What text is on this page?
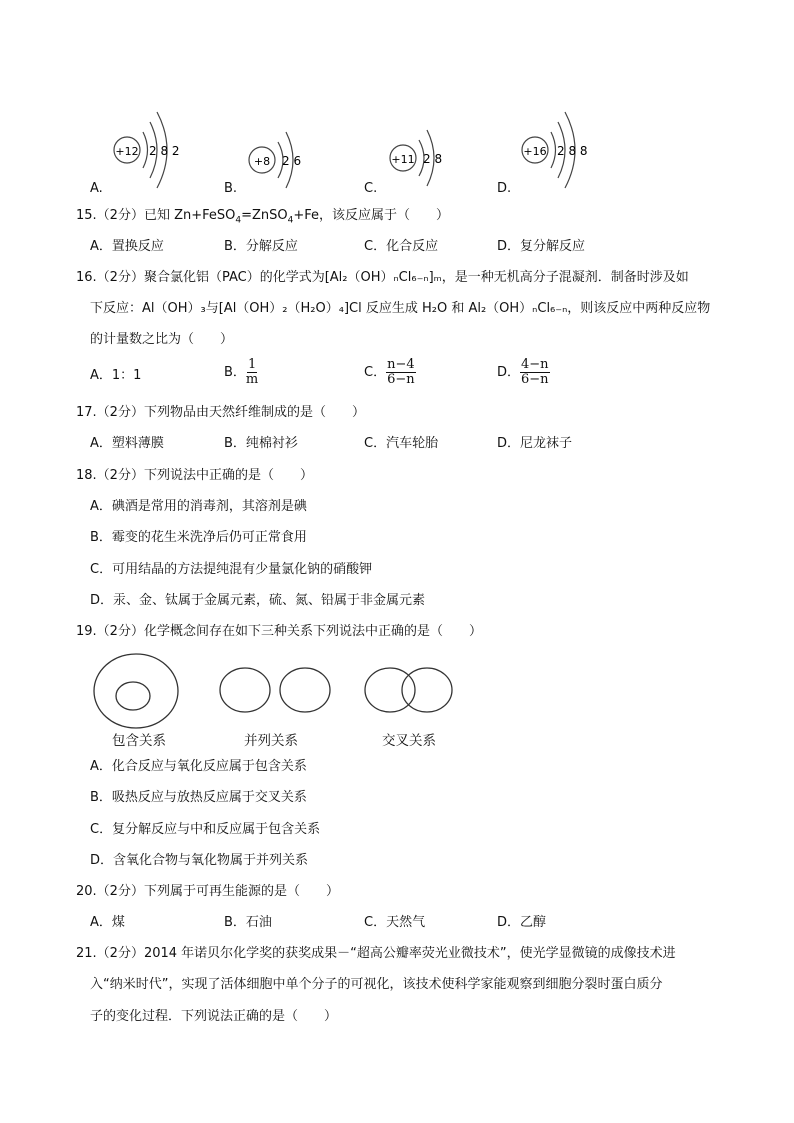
+12 2 8 2
+8 2 6	+11 2 8
+16 2 8 8
A.	B.	C.	D.
15.（2分）已知 Zn+FeSO$_4$=ZnSO$_4$+Fe，该反应属于（　　）
A．置换反应	B．分解反应	C．化合反应	D．复分解反应
16.（2分）聚合氯化铝（PAC）的化学式为[Al₂（OH）ₙCl₆₋ₙ]ₘ，是一种无机高分子混凝剂．制备时涉及如
下反应：Al（OH）₃与[Al（OH）₂（H₂O）₄]Cl 反应生成 H₂O 和 Al₂（OH）ₙCl₆₋ₙ，则该反应中两种反应物
的计量数之比为（　　）
A．1：1	B． $\frac{1}{m}$	C． $\frac{n-4}{6-n}$	D． $\frac{4-n}{6-n}$
17.（2分）下列物品由天然纤维制成的是（　　）
A．塑料薄膜	B．纯棉衬衫	C．汽车轮胎	D．尼龙袜子
18.（2分）下列说法中正确的是（　　）
A．碘酒是常用的消毒剂，其溶剂是碘
B．霉变的花生米洗净后仍可正常食用
C．可用结晶的方法提纯混有少量氯化钠的硝酸钾
D．汞、金、钛属于金属元素，硫、氮、铅属于非金属元素
19.（2分）化学概念间存在如下三种关系下列说法中正确的是（　　）
包含关系	并列关系	交叉关系
A．化合反应与氧化反应属于包含关系
B．吸热反应与放热反应属于交叉关系
C．复分解反应与中和反应属于包含关系
D．含氧化合物与氧化物属于并列关系
20.（2分）下列属于可再生能源的是（　　）
A．煤	B．石油	C．天然气	D．乙醇
21.（2分）2014 年诺贝尔化学奖的获奖成果－“超高公瓣率荧光业微技术”，使光学显微镜的成像技术进
入“纳米时代”，实现了活体细胞中单个分子的可视化，该技术使科学家能观察到细胞分裂时蛋白质分
子的变化过程．下列说法正确的是（　　）
